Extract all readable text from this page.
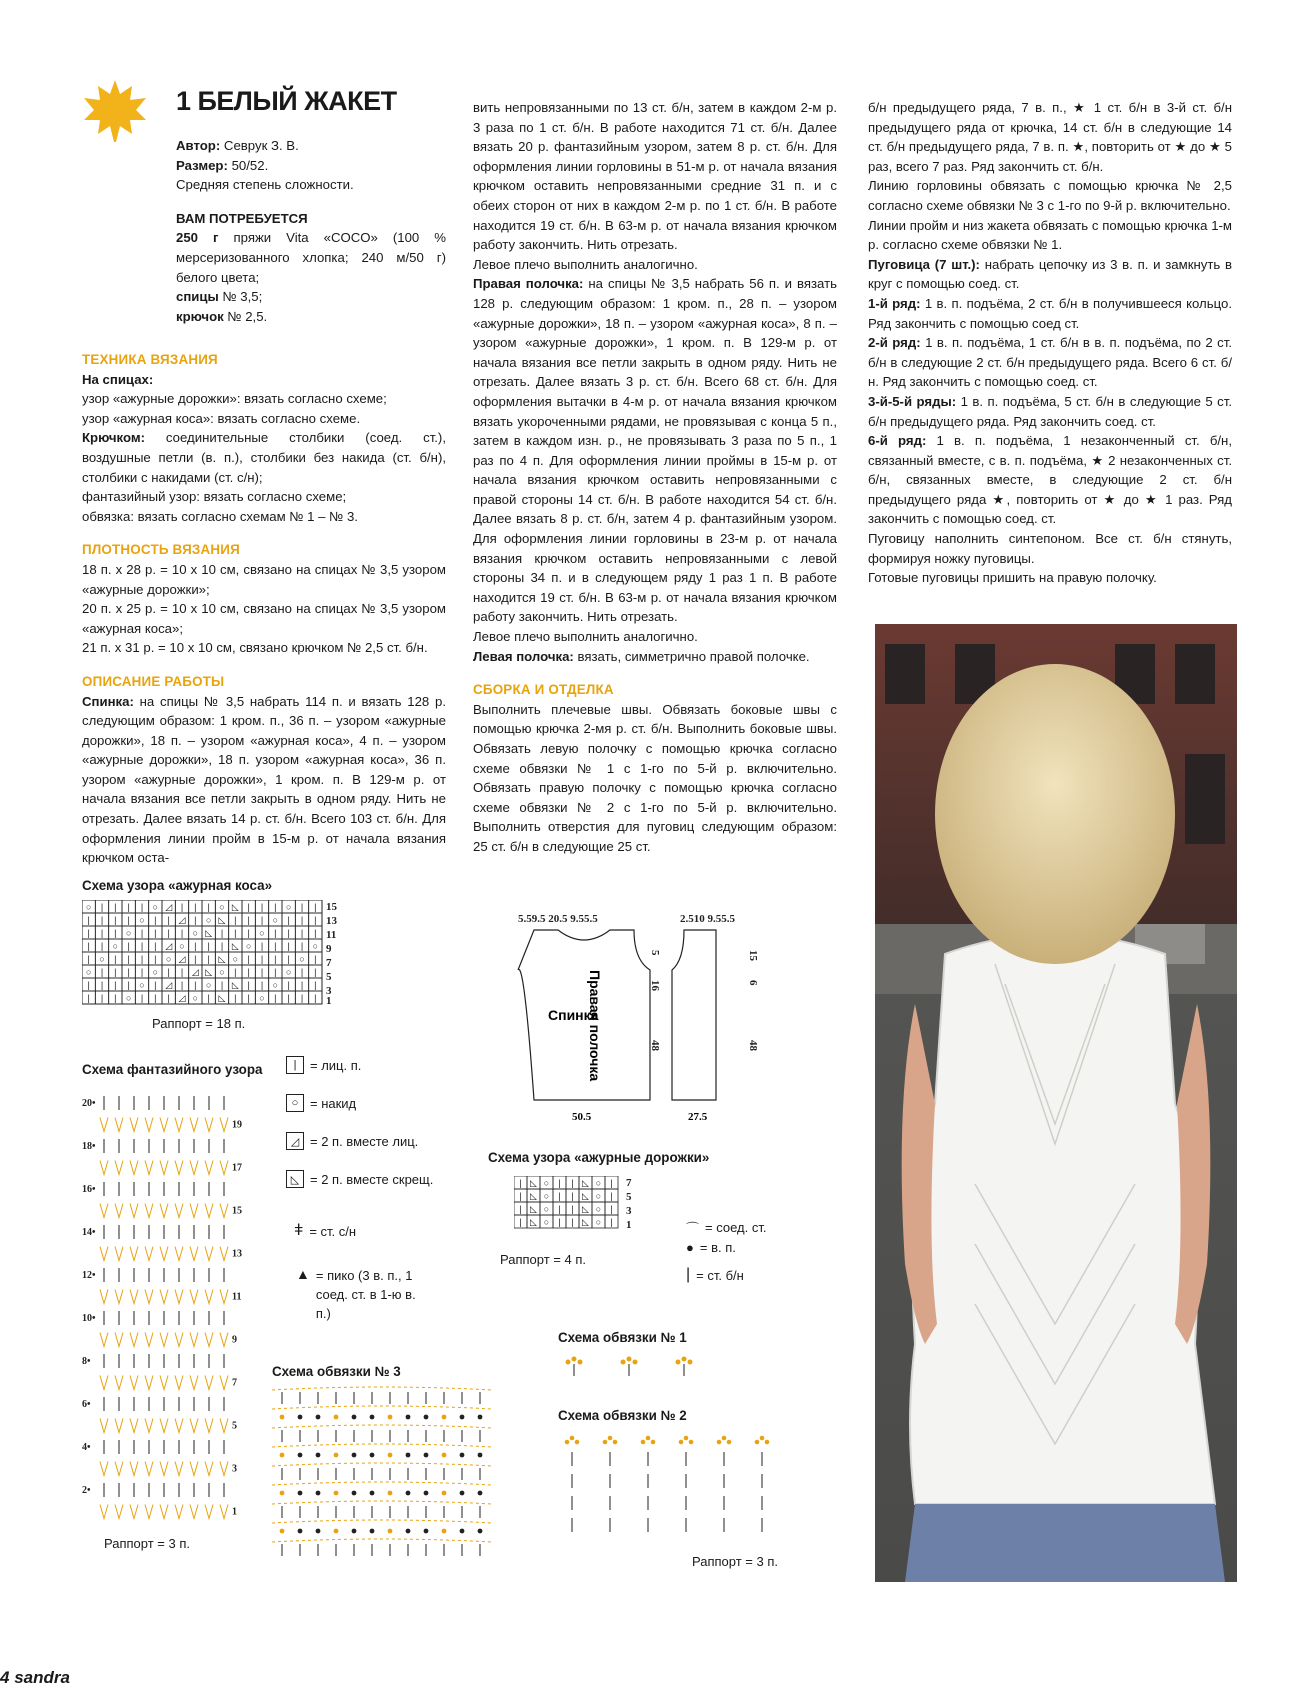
1 БЕЛЫЙ ЖАКЕТ

Автор: Севрук З. В.

Размер: 50/52.

Средняя степень сложности.

ВАМ ПОТРЕБУЕТСЯ

250 г пряжи Vita «COCO» (100 % мерсеризованного хлопка; 240 м/50 г) белого цвета;

спицы № 3,5;

крючок № 2,5.

ТЕХНИКА ВЯЗАНИЯ

На спицах:

узор «ажурные дорожки»: вязать согласно схеме;

узор «ажурная коса»: вязать согласно схеме.

Крючком: соединительные столбики (соед. ст.), воздушные петли (в. п.), столбики без накида (ст. б/н), столбики с накидами (ст. с/н);

фантазийный узор: вязать согласно схеме;

обвязка: вязать согласно схемам № 1 – № 3.

ПЛОТНОСТЬ ВЯЗАНИЯ

18 п. х 28 р. = 10 х 10 см, связано на спицах № 3,5 узором «ажурные дорожки»;

20 п. х 25 р. = 10 х 10 см, связано на спицах № 3,5 узором «ажурная коса»;

21 п. х 31 р. = 10 х 10 см, связано крючком № 2,5 ст. б/н.

ОПИСАНИЕ РАБОТЫ

Спинка: на спицы № 3,5 набрать 114 п. и вязать 128 р. следующим образом: 1 кром. п., 36 п. – узором «ажурные дорожки», 18 п. – узором «ажурная коса», 4 п. – узором «ажурные дорожки», 18 п. узором «ажурная коса», 36 п. узором «ажурные дорожки», 1 кром. п. В 129-м р. от начала вязания все петли закрыть в одном ряду. Нить не отрезать. Далее вязать 14 р. ст. б/н. Всего 103 ст. б/н. Для оформления линии пройм в 15-м р. от начала вязания крючком оста-

вить непровязанными по 13 ст. б/н, затем в каждом 2-м р. 3 раза по 1 ст. б/н. В работе находится 71 ст. б/н. Далее вязать 20 р. фантазийным узором, затем 8 р. ст. б/н. Для оформления линии горловины в 51-м р. от начала вязания крючком оставить непровязанными средние 31 п. и с обеих сторон от них в каждом 2-м р. по 1 ст. б/н. В работе находится 19 ст. б/н. В 63-м р. от начала вязания крючком работу закончить. Нить отрезать.

Левое плечо выполнить аналогично.

Правая полочка: на спицы № 3,5 набрать 56 п. и вязать 128 р. следующим образом: 1 кром. п., 28 п. – узором «ажурные дорожки», 18 п. – узором «ажурная коса», 8 п. – узором «ажурные дорожки», 1 кром. п. В 129-м р. от начала вязания все петли закрыть в одном ряду. Нить не отрезать. Далее вязать 3 р. ст. б/н. Всего 68 ст. б/н. Для оформления вытачки в 4-м р. от начала вязания крючком вязать укороченными рядами, не провязывая с конца 5 п., затем в каждом изн. р., не провязывать 3 раза по 5 п., 1 раз по 4 п. Для оформления линии проймы в 15-м р. от начала вязания крючком оставить непровязанными с правой стороны 14 ст. б/н. В работе находится 54 ст. б/н. Далее вязать 8 р. ст. б/н, затем 4 р. фантазийным узором. Для оформления линии горловины в 23-м р. от начала вязания крючком оставить непровязанными с левой стороны 34 п. и в следующем ряду 1 раз 1 п. В работе находится 19 ст. б/н. В 63-м р. от начала вязания крючком работу закончить. Нить отрезать.

Левое плечо выполнить аналогично.

Левая полочка: вязать, симметрично правой полочке.

СБОРКА И ОТДЕЛКА

Выполнить плечевые швы. Обвязать боковые швы с помощью крючка 2-мя р. ст. б/н. Выполнить боковые швы. Обвязать левую полочку с помощью крючка согласно схеме обвязки № 1 с 1-го по 5-й р. включительно. Обвязать правую полочку с помощью крючка согласно схеме обвязки № 2 с 1-го по 5-й р. включительно. Выполнить отверстия для пуговиц следующим образом: 25 ст. б/н в следующие 25 ст.

б/н предыдущего ряда, 7 в. п., ★ 1 ст. б/н в 3-й ст. б/н предыдущего ряда от крючка, 14 ст. б/н в следующие 14 ст. б/н предыдущего ряда, 7 в. п. ★, повторить от ★ до ★ 5 раз, всего 7 раз. Ряд закончить ст. б/н.

Линию горловины обвязать с помощью крючка № 2,5 согласно схеме обвязки № 3 с 1-го по 9-й р. включительно.

Линии пройм и низ жакета обвязать с помощью крючка 1-м р. согласно схеме обвязки № 1.

Пуговица (7 шт.): набрать цепочку из 3 в. п. и замкнуть в круг с помощью соед. ст.

1-й ряд: 1 в. п. подъёма, 2 ст. б/н в получившееся кольцо. Ряд закончить с помощью соед ст.

2-й ряд: 1 в. п. подъёма, 1 ст. б/н в в. п. подъёма, по 2 ст. б/н в следующие 2 ст. б/н предыдущего ряда. Всего 6 ст. б/н. Ряд закончить с помощью соед. ст.

3-й-5-й ряды: 1 в. п. подъёма, 5 ст. б/н в следующие 5 ст. б/н предыдущего ряда. Ряд закончить соед. ст.

6-й ряд: 1 в. п. подъёма, 1 незаконченный ст. б/н, связанный вместе, с в. п. подъёма, ★ 2 незаконченных ст. б/н, связанных вместе, в следующие 2 ст. б/н предыдущего ряда ★, повторить от ★ до ★ 1 раз. Ряд закончить с помощью соед. ст.

Пуговицу наполнить синтепоном. Все ст. б/н стянуть, формируя ножку пуговицы.

Готовые пуговицы пришить на правую полочку.

Схема узора «ажурная коса»
○ | | | | ○ ◿ | | | ○ ◺ | | | ○ | |
| | | | ○ | | ◿ | ○ ◺ | | | ○ | | |
| | | ○ | | | | ○ ◺ | | | ○ | | | |
| | ○ | | | ◿ ○ | | | ◺ ○ | | | | ○
| ○ | | | | ○ ◿ | | ◺ ○ | | | | ○ |
○ | | | | ○ | | ◿ ◺ ○ | | | | ○ | |
| | | | ○ | ◿ | | ○ | ◺ | | ○ | | |
| | | ○ | | | ◿ ○ | ◺ | | ○ | | | |
15
13
11
9
7
5
3
1
Раппорт = 18 п.
Схема фантазийного узора
20•
19
18•
17
16•
15
14•
13
12•
11
10•
9
8•
7
6•
5
4•
3
2•
1
Раппорт = 3 п.
|	= лиц. п.
○ = накид
◿ = 2 п. вместе лиц.
◺ = 2 п. вместе скрещ.
ǂ = ст. с/н
▲ = пико (3 в. п., 1 соед. ст. в 1-ю в. п.)
Схема обвязки № 3
5.59.5 20.5 9.55.5	2.510 9.55.5
Спинка
50.5
Правая полочка
27.5
5
16
48
15
6
48
Схема узора «ажурные дорожки»
| ◺ ○ | | ◺ ○ |
| ◺ ○ | | ◺ ○ |
| ◺ ○ | | ◺ ○ |
| ◺ ○ | | ◺ ○ |
7
5
3
1
Раппорт = 4 п.
⌒ = соед. ст.
● = в. п.
| = ст. б/н
Схема обвязки № 1
Схема обвязки № 2
Раппорт = 3 п.
4 sandra
